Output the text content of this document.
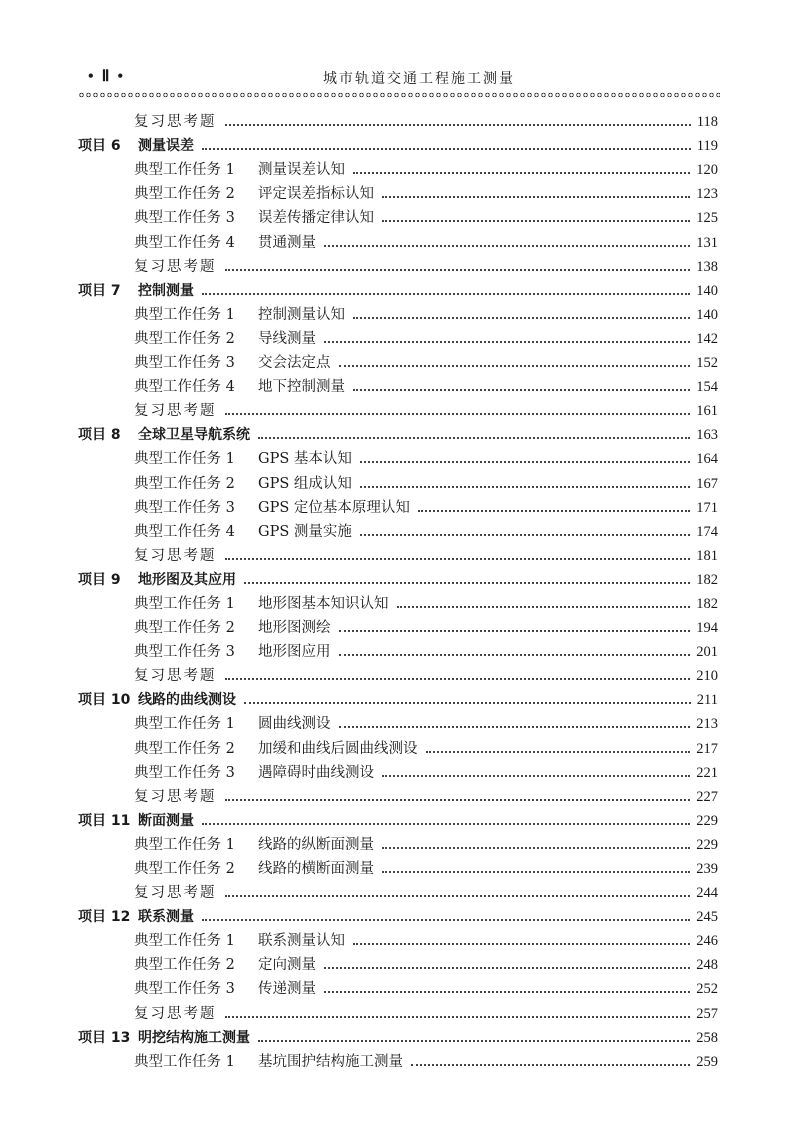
• Ⅱ •	城市轨道交通工程施工测量
复习思考题	118
项目 6 测量误差	119
典型工作任务 1 测量误差认知	120
典型工作任务 2 评定误差指标认知	123
典型工作任务 3 误差传播定律认知	125
典型工作任务 4 贯通测量	131
复习思考题	138
项目 7 控制测量	140
典型工作任务 1 控制测量认知	140
典型工作任务 2 导线测量	142
典型工作任务 3 交会法定点	152
典型工作任务 4 地下控制测量	154
复习思考题	161
项目 8 全球卫星导航系统	163
典型工作任务 1 GPS 基本认知	164
典型工作任务 2 GPS 组成认知	167
典型工作任务 3 GPS 定位基本原理认知	171
典型工作任务 4 GPS 测量实施	174
复习思考题	181
项目 9 地形图及其应用	182
典型工作任务 1 地形图基本知识认知	182
典型工作任务 2 地形图测绘	194
典型工作任务 3 地形图应用	201
复习思考题	210
项目 10 线路的曲线测设	211
典型工作任务 1 圆曲线测设	213
典型工作任务 2 加缓和曲线后圆曲线测设	217
典型工作任务 3 遇障碍时曲线测设	221
复习思考题	227
项目 11 断面测量	229
典型工作任务 1 线路的纵断面测量	229
典型工作任务 2 线路的横断面测量	239
复习思考题	244
项目 12 联系测量	245
典型工作任务 1 联系测量认知	246
典型工作任务 2 定向测量	248
典型工作任务 3 传递测量	252
复习思考题	257
项目 13 明挖结构施工测量	258
典型工作任务 1 基坑围护结构施工测量	259
